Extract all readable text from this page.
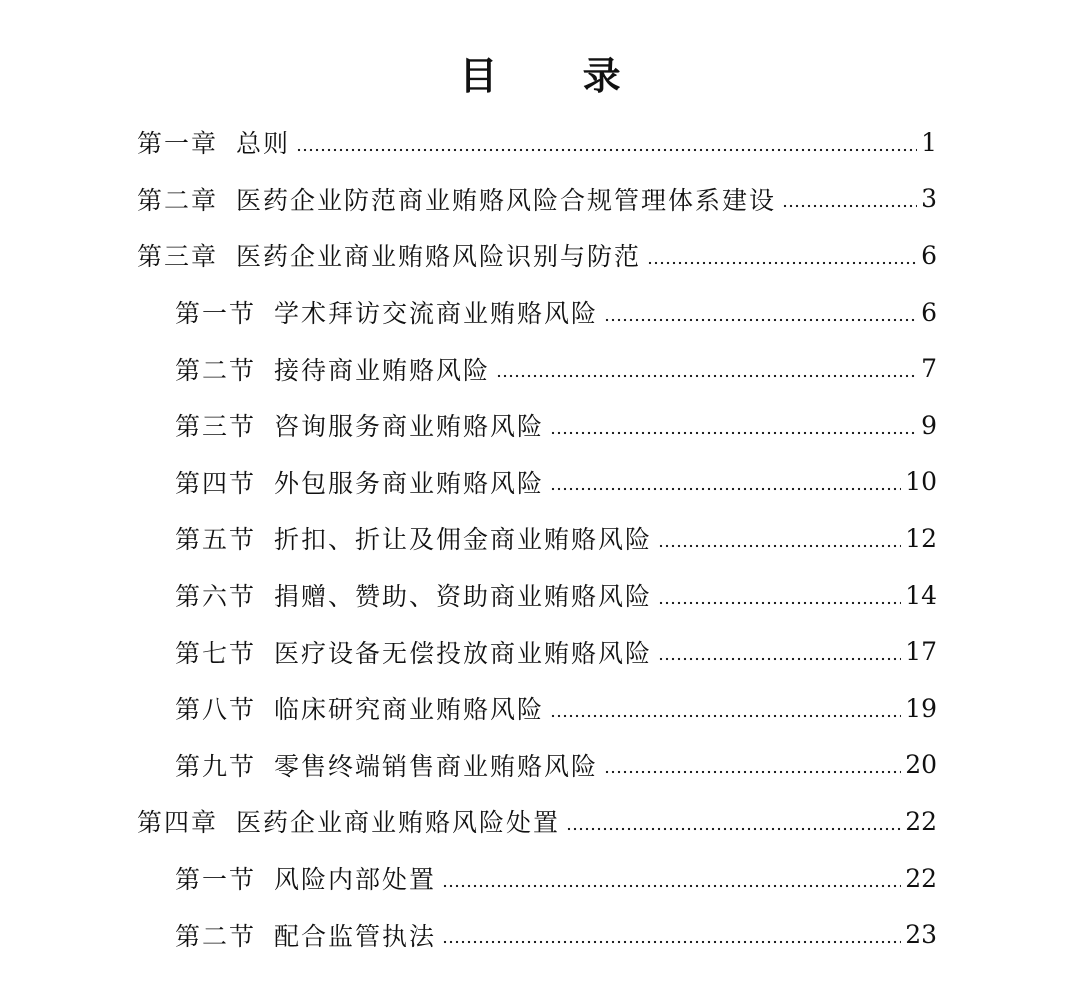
目 录
第一章 总则	1
第二章 医药企业防范商业贿赂风险合规管理体系建设	3
第三章 医药企业商业贿赂风险识别与防范	6
第一节 学术拜访交流商业贿赂风险	6
第二节 接待商业贿赂风险	7
第三节 咨询服务商业贿赂风险	9
第四节 外包服务商业贿赂风险	10
第五节 折扣、折让及佣金商业贿赂风险	12
第六节 捐赠、赞助、资助商业贿赂风险	14
第七节 医疗设备无偿投放商业贿赂风险	17
第八节 临床研究商业贿赂风险	19
第九节 零售终端销售商业贿赂风险	20
第四章 医药企业商业贿赂风险处置	22
第一节 风险内部处置	22
第二节 配合监管执法	23
